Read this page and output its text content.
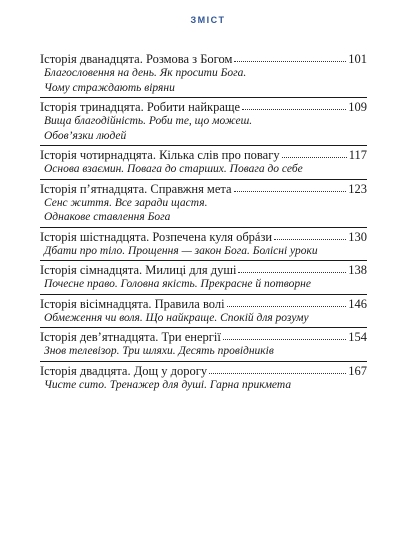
ЗМІСТ
Історія дванадцята. Розмова з Богом	101
Благословення на день. Як просити Бога.
Чому страждають віряни
Історія тринадцята. Робити найкраще	109
Вища благодійність. Роби те, що можеш.
Обов’язки людей
Історія чотирнадцята. Кілька слів про повагу	117
Основа взаємин. Повага до старших. Повага до себе
Історія п’ятнадцята. Справжня мета	123
Сенс життя. Все заради щастя.
Однакове ставлення Бога
Історія шістнадцята. Розпечена куля обрáзи	130
Дбати про тіло. Прощення — закон Бога. Болісні уроки
Історія сімнадцята. Милиці для душі	138
Почесне право. Головна якість. Прекрасне й потворне
Історія вісімнадцята. Правила волі	146
Обмеження чи воля. Що найкраще. Спокій для розуму
Історія дев’ятнадцята. Три енергії	154
Знов телевізор. Три шляхи. Десять провідників
Історія двадцята. Дощ у дорогу	167
Чисте сито. Тренажер для душі. Гарна прикмета
